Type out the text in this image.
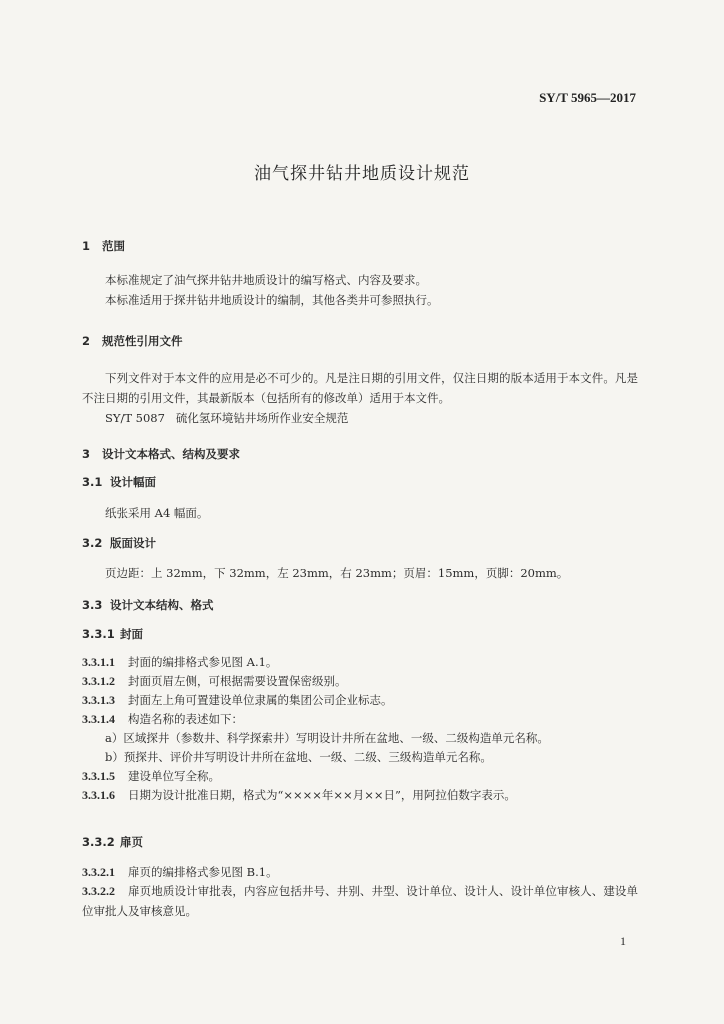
SY/T 5965—2017
油气探井钻井地质设计规范
1 范围
本标准规定了油气探井钻井地质设计的编写格式、内容及要求。
本标准适用于探井钻井地质设计的编制，其他各类井可参照执行。
2 规范性引用文件
下列文件对于本文件的应用是必不可少的。凡是注日期的引用文件，仅注日期的版本适用于本文件。凡是不注日期的引用文件，其最新版本（包括所有的修改单）适用于本文件。
SY/T 5087 硫化氢环境钻井场所作业安全规范
3 设计文本格式、结构及要求
3.1 设计幅面
纸张采用 A4 幅面。
3.2 版面设计
页边距：上 32mm，下 32mm，左 23mm，右 23mm；页眉：15mm，页脚：20mm。
3.3 设计文本结构、格式
3.3.1 封面
3.3.1.1 封面的编排格式参见图 A.1。
3.3.1.2 封面页眉左侧，可根据需要设置保密级别。
3.3.1.3 封面左上角可置建设单位隶属的集团公司企业标志。
3.3.1.4 构造名称的表述如下：
a）区域探井（参数井、科学探索井）写明设计井所在盆地、一级、二级构造单元名称。
b）预探井、评价井写明设计井所在盆地、一级、二级、三级构造单元名称。
3.3.1.5 建设单位写全称。
3.3.1.6 日期为设计批准日期，格式为“××××年××月××日”，用阿拉伯数字表示。
3.3.2 扉页
3.3.2.1 扉页的编排格式参见图 B.1。
3.3.2.2 扉页地质设计审批表，内容应包括井号、井别、井型、设计单位、设计人、设计单位审核人、建设单位审批人及审核意见。
1
